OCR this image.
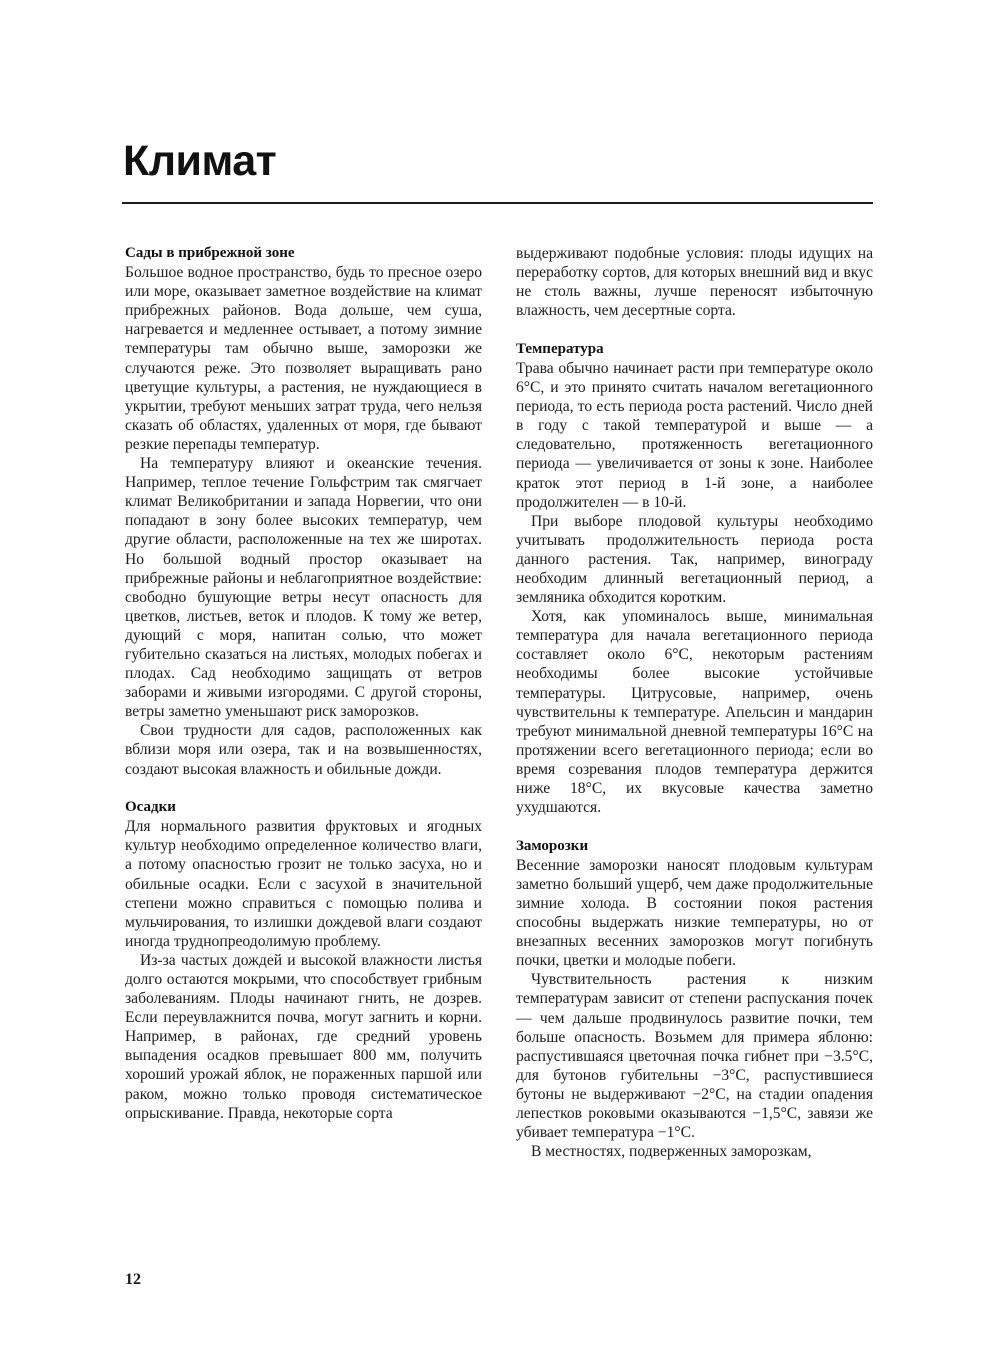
Климат
Сады в прибрежной зоне

Большое водное пространство, будь то пресное озеро или море, оказывает заметное воздействие на климат прибрежных районов. Вода дольше, чем суша, нагревается и медленнее остывает, а потому зимние температуры там обычно выше, заморозки же случаются реже. Это позволяет выращивать рано цветущие культуры, а растения, не нуждающиеся в укрытии, требуют меньших затрат труда, чего нельзя сказать об областях, удаленных от моря, где бывают резкие перепады температур.

На температуру влияют и океанские течения. Например, теплое течение Гольфстрим так смягчает климат Великобритании и запада Норвегии, что они попадают в зону более высоких температур, чем другие области, расположенные на тех же широтах. Но большой водный простор оказывает на прибрежные районы и неблагоприятное воздействие: свободно бушующие ветры несут опасность для цветков, листьев, веток и плодов. К тому же ветер, дующий с моря, напитан солью, что может губительно сказаться на листьях, молодых побегах и плодах. Сад необходимо защищать от ветров заборами и живыми изгородями. С другой стороны, ветры заметно уменьшают риск заморозков.

Свои трудности для садов, расположенных как вблизи моря или озера, так и на возвышенностях, создают высокая влажность и обильные дожди.

Осадки

Для нормального развития фруктовых и ягодных культур необходимо определенное количество влаги, а потому опасностью грозит не только засуха, но и обильные осадки. Если с засухой в значительной степени можно справиться с помощью полива и мульчирования, то излишки дождевой влаги создают иногда труднопреодолимую проблему.

Из-за частых дождей и высокой влажности листья долго остаются мокрыми, что способствует грибным заболеваниям. Плоды начинают гнить, не дозрев. Если переувлажнится почва, могут загнить и корни. Например, в районах, где средний уровень выпадения осадков превышает 800 мм, получить хороший урожай яблок, не пораженных паршой или раком, можно только проводя систематическое опрыскивание. Правда, некоторые сорта

выдерживают подобные условия: плоды идущих на переработку сортов, для которых внешний вид и вкус не столь важны, лучше переносят избыточную влажность, чем десертные сорта.

Температура

Трава обычно начинает расти при температуре около 6°С, и это принято считать началом вегетационного периода, то есть периода роста растений. Число дней в году с такой температурой и выше — а следовательно, протяженность вегетационного периода — увеличивается от зоны к зоне. Наиболее краток этот период в 1-й зоне, а наиболее продолжителен — в 10-й.

При выборе плодовой культуры необходимо учитывать продолжительность периода роста данного растения. Так, например, винограду необходим длинный вегетационный период, а земляника обходится коротким.

Хотя, как упоминалось выше, минимальная температура для начала вегетационного периода составляет около 6°С, некоторым растениям необходимы более высокие устойчивые температуры. Цитрусовые, например, очень чувствительны к температуре. Апельсин и мандарин требуют минимальной дневной температуры 16°С на протяжении всего вегетационного периода; если во время созревания плодов температура держится ниже 18°С, их вкусовые качества заметно ухудшаются.

Заморозки

Весенние заморозки наносят плодовым культурам заметно больший ущерб, чем даже продолжительные зимние холода. В состоянии покоя растения способны выдержать низкие температуры, но от внезапных весенних заморозков могут погибнуть почки, цветки и молодые побеги.

Чувствительность растения к низким температурам зависит от степени распускания почек — чем дальше продвинулось развитие почки, тем больше опасность. Возьмем для примера яблоню: распустившаяся цветочная почка гибнет при −3.5°С, для бутонов губительны −3°С, распустившиеся бутоны не выдерживают −2°С, на стадии опадения лепестков роковыми оказываются −1,5°С, завязи же убивает температура −1°С.

В местностях, подверженных заморозкам,

12
